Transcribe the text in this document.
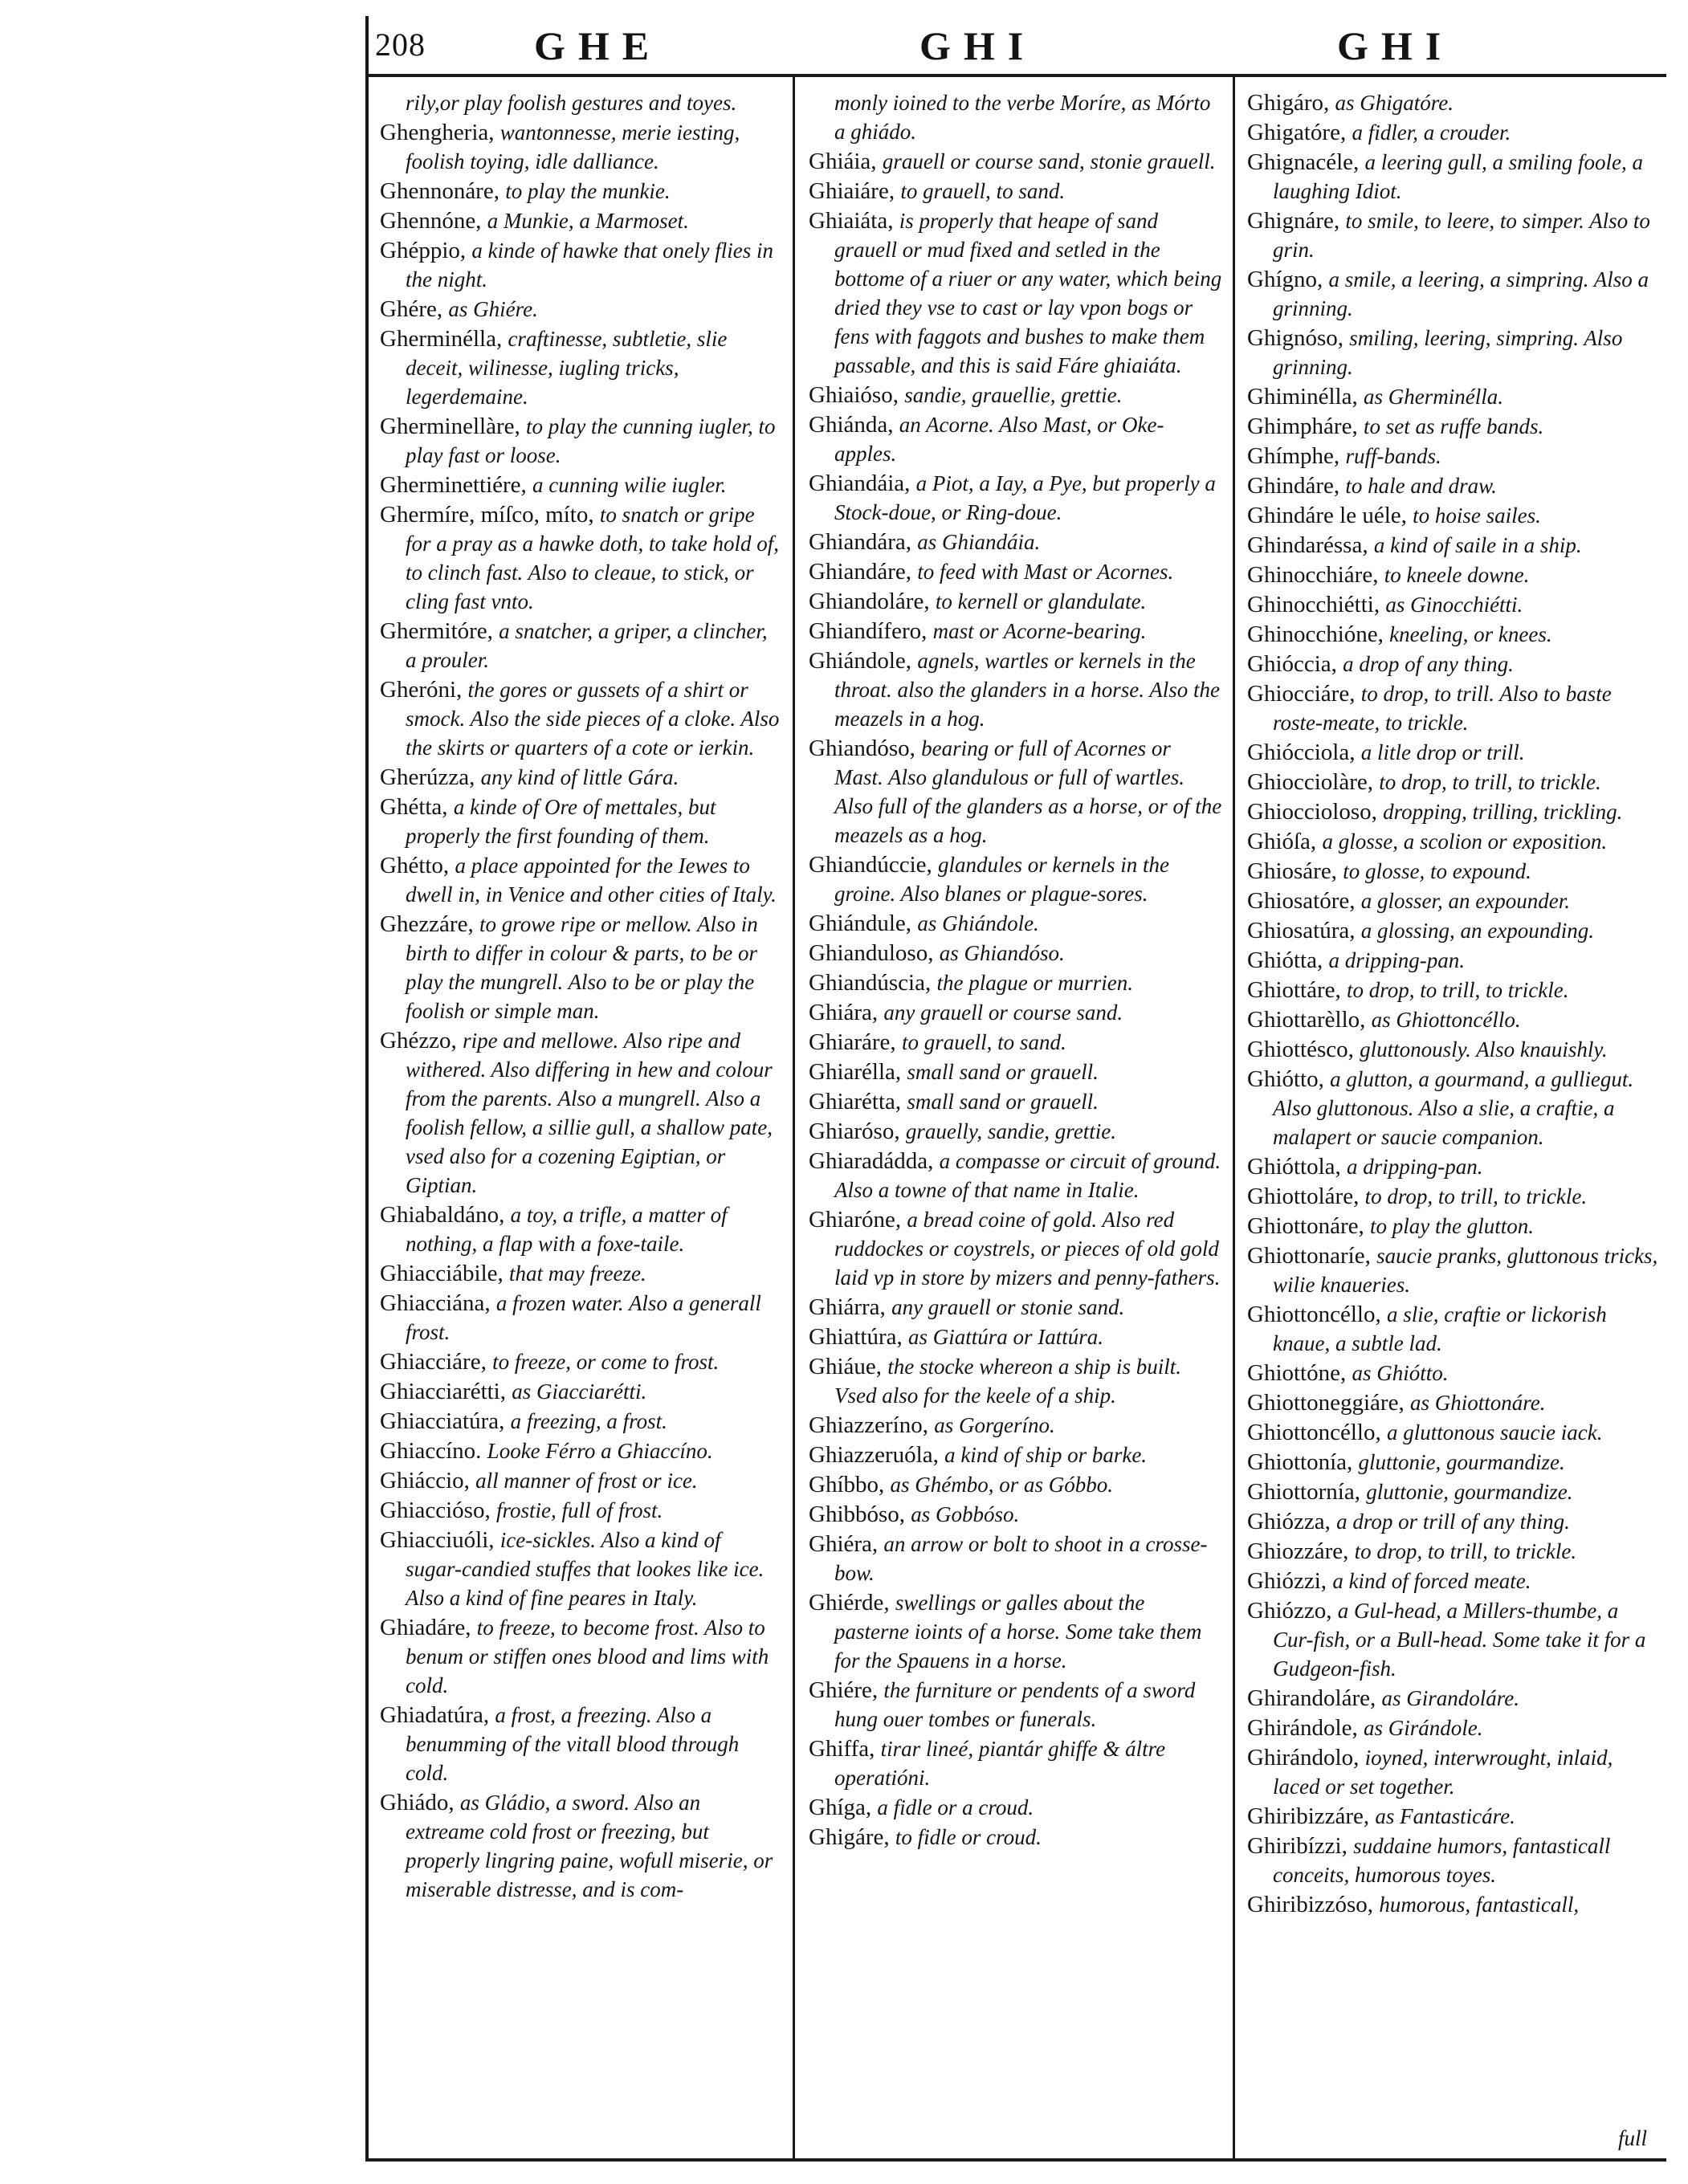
208	GHE	GHI	GHI

rily,or play foolish gestures and toyes.

Ghengheria, wantonnesse, merie iesting, foolish toying, idle dalliance.

Ghennonáre, to play the munkie.

Ghennóne, a Munkie, a Marmoset.

Ghéppio, a kinde of hawke that onely flies in the night.

Ghére, as Ghiére.

Gherminélla, craftinesse, subtletie, slie deceit, wilinesse, iugling tricks, legerdemaine.

Gherminellàre, to play the cunning iugler, to play fast or loose.

Gherminettiére, a cunning wilie iugler.

Ghermíre, míſco, míto, to snatch or gripe for a pray as a hawke doth, to take hold of, to clinch fast. Also to cleaue, to stick, or cling fast vnto.

Ghermitóre, a snatcher, a griper, a clincher, a prouler.

Gheróni, the gores or gussets of a shirt or smock. Also the side pieces of a cloke. Also the skirts or quarters of a cote or ierkin.

Gherúzza, any kind of little Gára.

Ghétta, a kinde of Ore of mettales, but properly the first founding of them.

Ghétto, a place appointed for the Iewes to dwell in, in Venice and other cities of Italy.

Ghezzáre, to growe ripe or mellow. Also in birth to differ in colour & parts, to be or play the mungrell. Also to be or play the foolish or simple man.

Ghézzo, ripe and mellowe. Also ripe and withered. Also differing in hew and colour from the parents. Also a mungrell. Also a foolish fellow, a sillie gull, a shallow pate, vsed also for a cozening Egiptian, or Giptian.

Ghiabaldáno, a toy, a trifle, a matter of nothing, a flap with a foxe-taile.

Ghiacciábile, that may freeze.

Ghiacciána, a frozen water. Also a generall frost.

Ghiacciáre, to freeze, or come to frost.

Ghiacciarétti, as Giacciarétti.

Ghiacciatúra, a freezing, a frost.

Ghiaccíno. Looke Férro a Ghiaccíno.

Ghiáccio, all manner of frost or ice.

Ghiaccióso, frostie, full of frost.

Ghiacciuóli, ice-sickles. Also a kind of sugar-candied stuffes that lookes like ice. Also a kind of fine peares in Italy.

Ghiadáre, to freeze, to become frost. Also to benum or stiffen ones blood and lims with cold.

Ghiadatúra, a frost, a freezing. Also a benumming of the vitall blood through cold.

Ghiádo, as Gládio, a sword. Also an extreame cold frost or freezing, but properly lingring paine, wofull miserie, or miserable distresse, and is com-

monly ioined to the verbe Moríre, as Mórto a ghiádo.

Ghiáia, grauell or course sand, stonie grauell.

Ghiaiáre, to grauell, to sand.

Ghiaiáta, is properly that heape of sand grauell or mud fixed and setled in the bottome of a riuer or any water, which being dried they vse to cast or lay vpon bogs or fens with faggots and bushes to make them passable, and this is said Fáre ghiaiáta.

Ghiaióso, sandie, grauellie, grettie.

Ghiánda, an Acorne. Also Mast, or Oke-apples.

Ghiandáia, a Piot, a Iay, a Pye, but properly a Stock-doue, or Ring-doue.

Ghiandára, as Ghiandáia.

Ghiandáre, to feed with Mast or Acornes.

Ghiandoláre, to kernell or glandulate.

Ghiandífero, mast or Acorne-bearing.

Ghiándole, agnels, wartles or kernels in the throat. also the glanders in a horse. Also the meazels in a hog.

Ghiandóso, bearing or full of Acornes or Mast. Also glandulous or full of wartles. Also full of the glanders as a horse, or of the meazels as a hog.

Ghiandúccie, glandules or kernels in the groine. Also blanes or plague-sores.

Ghiándule, as Ghiándole.

Ghianduloso, as Ghiandóso.

Ghiandúscia, the plague or murrien.

Ghiára, any grauell or course sand.

Ghiaráre, to grauell, to sand.

Ghiarélla, small sand or grauell.

Ghiarétta, small sand or grauell.

Ghiaróso, grauelly, sandie, grettie.

Ghiaradádda, a compasse or circuit of ground. Also a towne of that name in Italie.

Ghiaróne, a bread coine of gold. Also red ruddockes or coystrels, or pieces of old gold laid vp in store by mizers and penny-fathers.

Ghiárra, any grauell or stonie sand.

Ghiattúra, as Giattúra or Iattúra.

Ghiáue, the stocke whereon a ship is built. Vsed also for the keele of a ship.

Ghiazzeríno, as Gorgeríno.

Ghiazzeruóla, a kind of ship or barke.

Ghíbbo, as Ghémbo, or as Góbbo.

Ghibbóso, as Gobbóso.

Ghiéra, an arrow or bolt to shoot in a crosse-bow.

Ghiérde, swellings or galles about the pasterne ioints of a horse. Some take them for the Spauens in a horse.

Ghiére, the furniture or pendents of a sword hung ouer tombes or funerals.

Ghiffa, tirar lineé, piantár ghiffe & áltre operatióni.

Ghíga, a fidle or a croud.

Ghigáre, to fidle or croud.

Ghigáro, as Ghigatóre.

Ghigatóre, a fidler, a crouder.

Ghignacéle, a leering gull, a smiling foole, a laughing Idiot.

Ghignáre, to smile, to leere, to simper. Also to grin.

Ghígno, a smile, a leering, a simpring. Also a grinning.

Ghignóso, smiling, leering, simpring. Also grinning.

Ghiminélla, as Gherminélla.

Ghimpháre, to set as ruffe bands.

Ghímphe, ruff-bands.

Ghindáre, to hale and draw.

Ghindáre le uéle, to hoise sailes.

Ghindaréssa, a kind of saile in a ship.

Ghinocchiáre, to kneele downe.

Ghinocchiétti, as Ginocchiétti.

Ghinocchióne, kneeling, or knees.

Ghióccia, a drop of any thing.

Ghiocciáre, to drop, to trill. Also to baste roste-meate, to trickle.

Ghiócciola, a litle drop or trill.

Ghiocciolàre, to drop, to trill, to trickle.

Ghioccioloso, dropping, trilling, trickling.

Ghióſa, a glosse, a scolion or exposition.

Ghiosáre, to glosse, to expound.

Ghiosatóre, a glosser, an expounder.

Ghiosatúra, a glossing, an expounding.

Ghiótta, a dripping-pan.

Ghiottáre, to drop, to trill, to trickle.

Ghiottarèllo, as Ghiottoncéllo.

Ghiottésco, gluttonously. Also knauishly.

Ghiótto, a glutton, a gourmand, a gulliegut. Also gluttonous. Also a slie, a craftie, a malapert or saucie companion.

Ghióttola, a dripping-pan.

Ghiottoláre, to drop, to trill, to trickle.

Ghiottonáre, to play the glutton.

Ghiottonaríe, saucie pranks, gluttonous tricks, wilie knaueries.

Ghiottoncéllo, a slie, craftie or lickorish knaue, a subtle lad.

Ghiottóne, as Ghiótto.

Ghiottoneggiáre, as Ghiottonáre.

Ghiottoncéllo, a gluttonous saucie iack.

Ghiottonía, gluttonie, gourmandize.

Ghiottornía, gluttonie, gourmandize.

Ghiózza, a drop or trill of any thing.

Ghiozzáre, to drop, to trill, to trickle.

Ghiózzi, a kind of forced meate.

Ghiózzo, a Gul-head, a Millers-thumbe, a Cur-fish, or a Bull-head. Some take it for a Gudgeon-fish.

Ghirandoláre, as Girandoláre.

Ghirándole, as Girándole.

Ghirándolo, ioyned, interwrought, inlaid, laced or set together.

Ghiribizzáre, as Fantasticáre.

Ghiribízzi, suddaine humors, fantasticall conceits, humorous toyes.

Ghiribizzóso, humorous, fantasticall,

full
